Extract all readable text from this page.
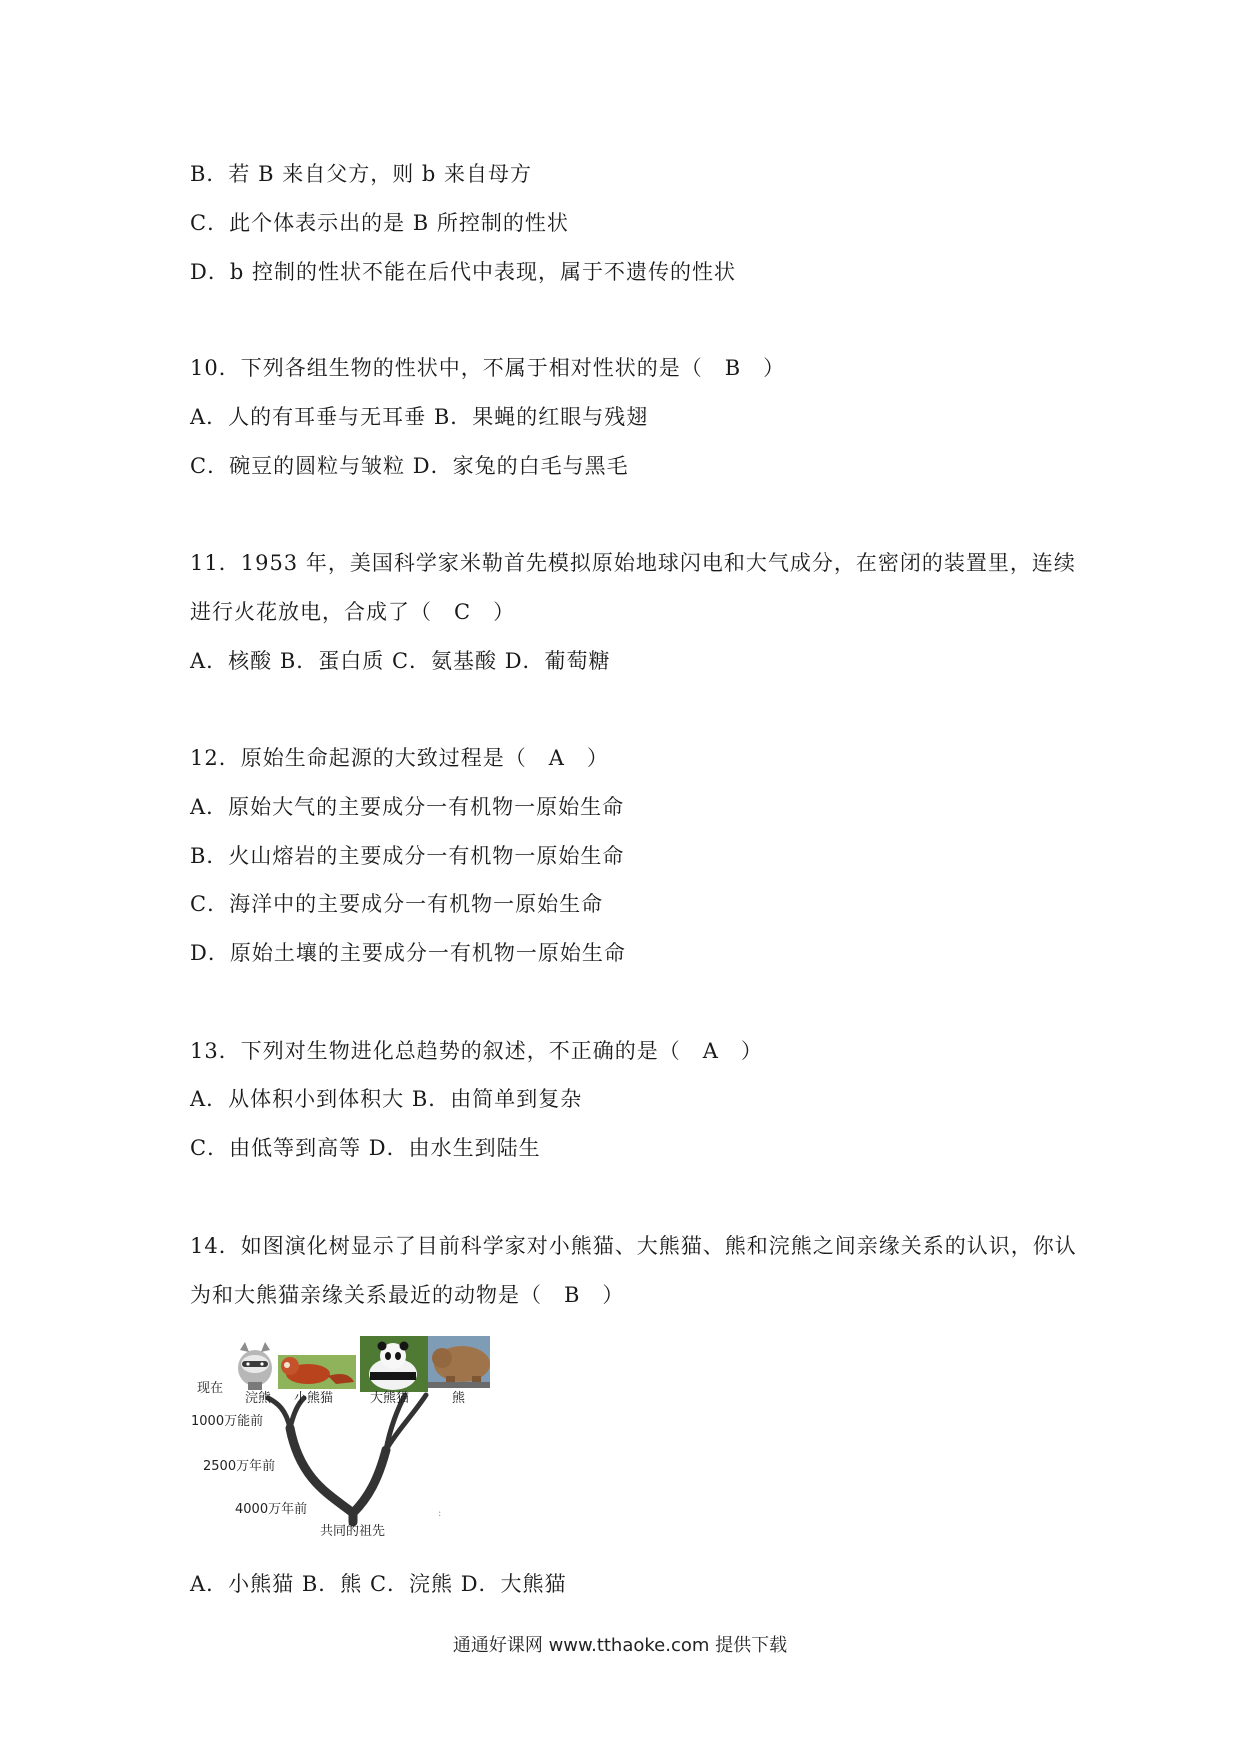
B．若 B 来自父方，则 b 来自母方
C．此个体表示出的是 B 所控制的性状
D．b 控制的性状不能在后代中表现，属于不遗传的性状
10．下列各组生物的性状中，不属于相对性状的是（　B　）
A．人的有耳垂与无耳垂 B．果蝇的红眼与残翅
C．碗豆的圆粒与皱粒 D．家兔的白毛与黑毛
11．1953 年，美国科学家米勒首先模拟原始地球闪电和大气成分，在密闭的装置里，连续
进行火花放电，合成了（　C　）
A．核酸 B．蛋白质 C．氨基酸 D．葡萄糖
12．原始生命起源的大致过程是（　A　）
A．原始大气的主要成分一有机物一原始生命
B．火山熔岩的主要成分一有机物一原始生命
C．海洋中的主要成分一有机物一原始生命
D．原始土壤的主要成分一有机物一原始生命
13．下列对生物进化总趋势的叙述，不正确的是（　A　）
A．从体积小到体积大 B．由简单到复杂
C．由低等到高等 D．由水生到陆生
14．如图演化树显示了目前科学家对小熊猫、大熊猫、熊和浣熊之间亲缘关系的认识，你认
为和大熊猫亲缘关系最近的动物是（　B　）
:
现在
浣熊 小熊猫	大熊猫	熊
1000万能前
2500万年前
4000万年前
共同的祖先
A．小熊猫 B．熊 C．浣熊 D．大熊猫
通通好课网 www.tthaoke.com 提供下载
